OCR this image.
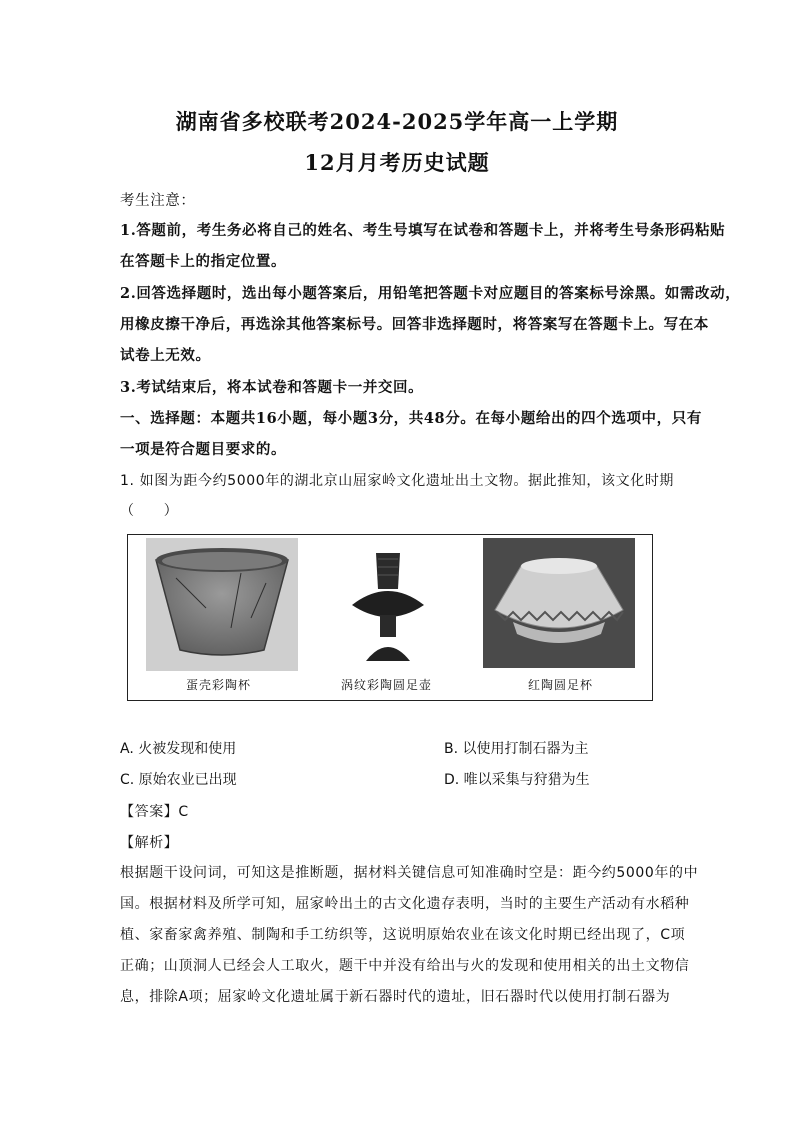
湖南省多校联考2024-2025学年高一上学期
12月月考历史试题
考生注意：
1.答题前，考生务必将自己的姓名、考生号填写在试卷和答题卡上，并将考生号条形码粘贴
在答题卡上的指定位置。
2.回答选择题时，选出每小题答案后，用铅笔把答题卡对应题目的答案标号涂黑。如需改动，
用橡皮擦干净后，再选涂其他答案标号。回答非选择题时，将答案写在答题卡上。写在本
试卷上无效。
3.考试结束后，将本试卷和答题卡一并交回。
一、选择题：本题共16小题，每小题3分，共48分。在每小题给出的四个选项中，只有
一项是符合题目要求的。
1. 如图为距今约5000年的湖北京山屈家岭文化遗址出土文物。据此推知，该文化时期
（　　）
蛋壳彩陶杯	涡纹彩陶圆足壶	红陶圆足杯
A. 火被发现和使用	B. 以使用打制石器为主
C. 原始农业已出现	D. 唯以采集与狩猎为生
【答案】C
【解析】
根据题干设问词，可知这是推断题，据材料关键信息可知准确时空是：距今约5000年的中
国。根据材料及所学可知，屈家岭出土的古文化遗存表明，当时的主要生产活动有水稻种
植、家畜家禽养殖、制陶和手工纺织等，这说明原始农业在该文化时期已经出现了，C项
正确；山顶洞人已经会人工取火，题干中并没有给出与火的发现和使用相关的出土文物信
息，排除A项；屈家岭文化遗址属于新石器时代的遗址，旧石器时代以使用打制石器为
